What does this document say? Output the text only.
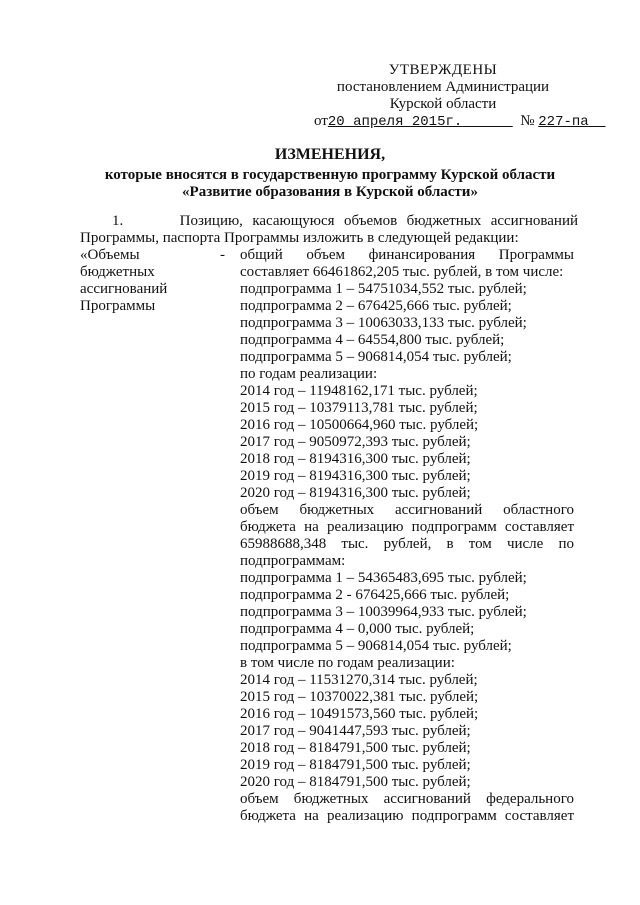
УТВЕРЖДЕНЫ
постановлением Администрации
Курской области
от20 апреля 2015г.	№ 227-па
ИЗМЕНЕНИЯ,
которые вносятся в государственную программу Курской области
«Развитие образования в Курской области»
1.	Позицию, касающуюся объемов бюджетных ассигнований
Программы, паспорта Программы изложить в следующей редакции:
«Объемы
бюджетных
ассигнований
Программы
- общий объем финансирования Программы
составляет 66461862,205 тыс. рублей, в том числе:
подпрограмма 1 – 54751034,552 тыс. рублей;
подпрограмма 2 – 676425,666 тыс. рублей;
подпрограмма 3 – 10063033,133 тыс. рублей;
подпрограмма 4 – 64554,800 тыс. рублей;
подпрограмма 5 – 906814,054 тыс. рублей;
по годам реализации:
2014 год – 11948162,171 тыс. рублей;
2015 год – 10379113,781 тыс. рублей;
2016 год – 10500664,960 тыс. рублей;
2017 год – 9050972,393 тыс. рублей;
2018 год – 8194316,300 тыс. рублей;
2019 год – 8194316,300 тыс. рублей;
2020 год – 8194316,300 тыс. рублей;
объем бюджетных ассигнований областного
бюджета на реализацию подпрограмм составляет
65988688,348 тыс. рублей, в том числе по
подпрограммам:
подпрограмма 1 – 54365483,695 тыс. рублей;
подпрограмма 2 - 676425,666 тыс. рублей;
подпрограмма 3 – 10039964,933 тыс. рублей;
подпрограмма 4 – 0,000 тыс. рублей;
подпрограмма 5 – 906814,054 тыс. рублей;
в том числе по годам реализации:
2014 год – 11531270,314 тыс. рублей;
2015 год – 10370022,381 тыс. рублей;
2016 год – 10491573,560 тыс. рублей;
2017 год – 9041447,593 тыс. рублей;
2018 год – 8184791,500 тыс. рублей;
2019 год – 8184791,500 тыс. рублей;
2020 год – 8184791,500 тыс. рублей;
объем бюджетных ассигнований федерального
бюджета на реализацию подпрограмм составляет
